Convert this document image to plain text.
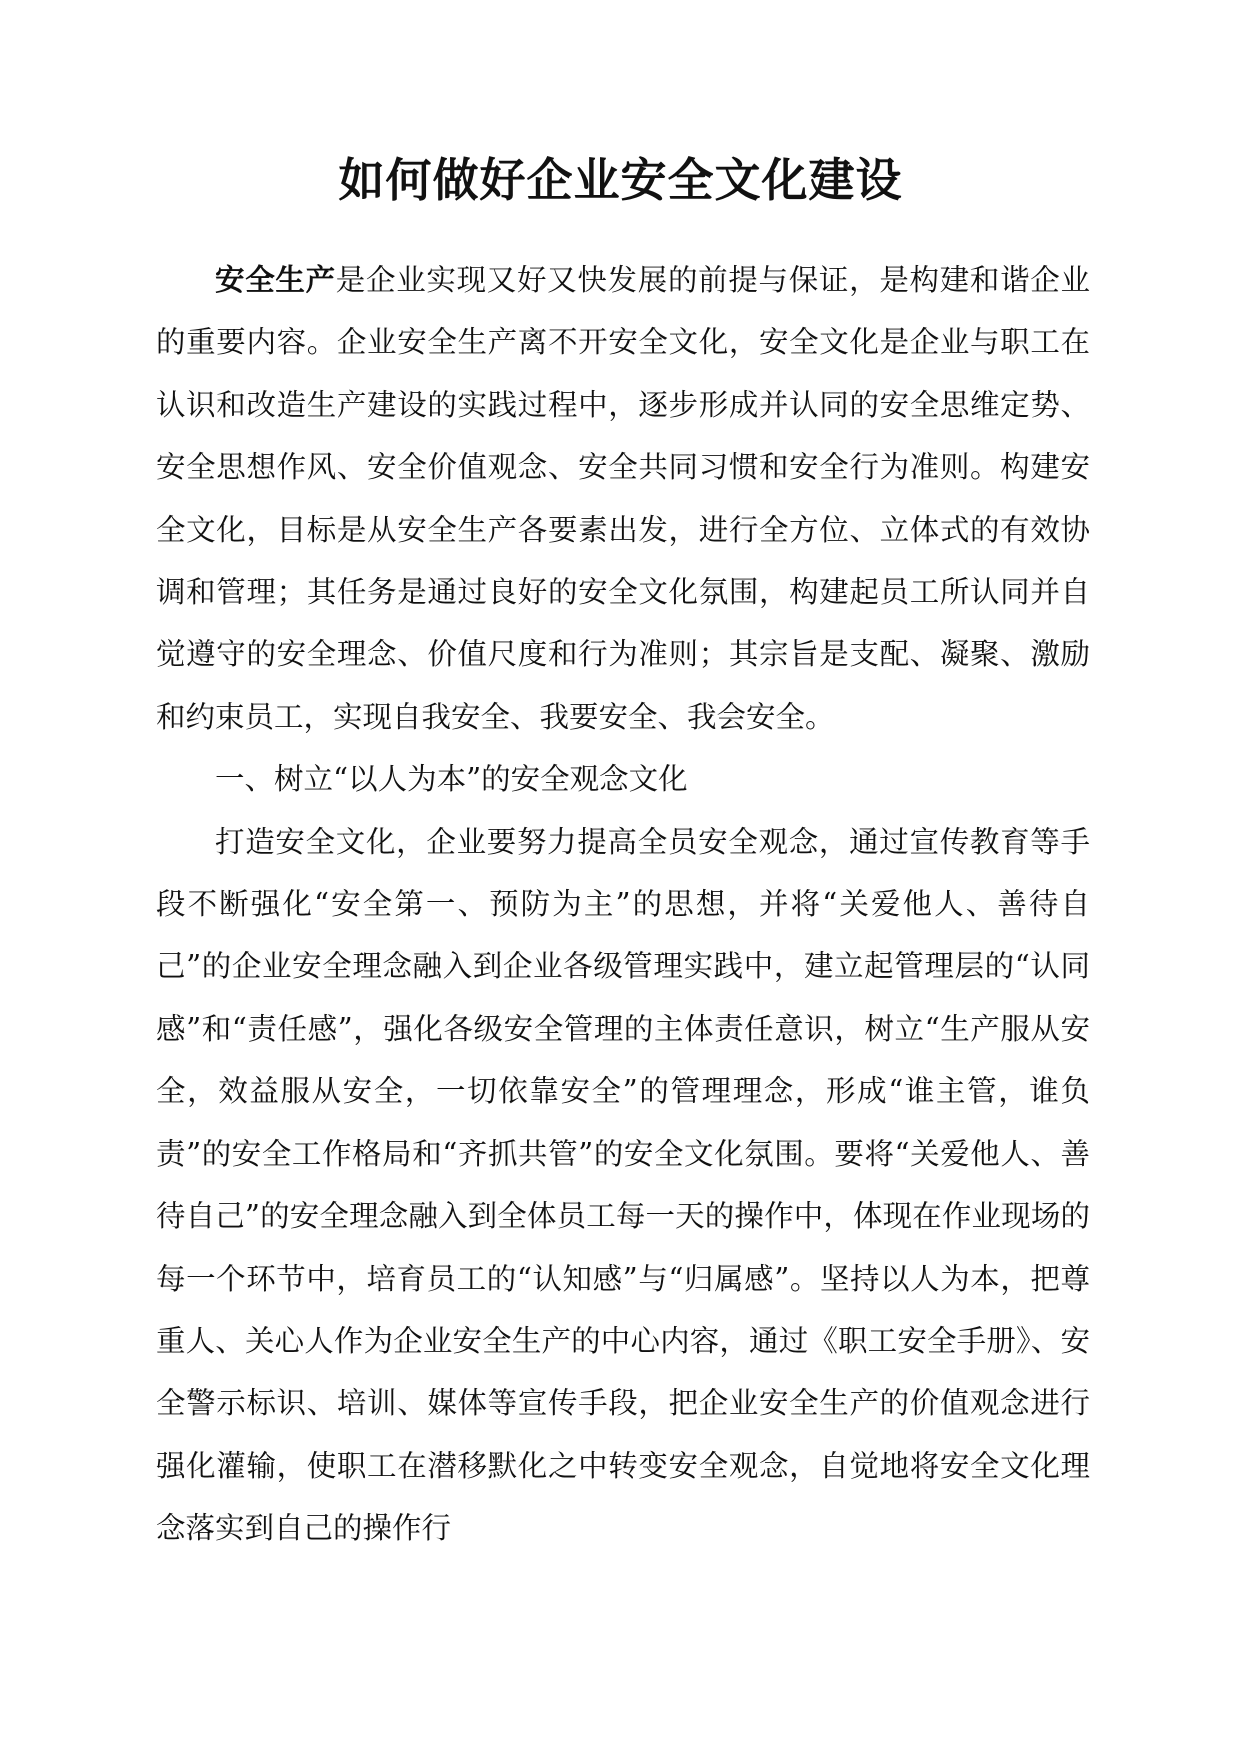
如何做好企业安全文化建设

安全生产是企业实现又好又快发展的前提与保证，是构建和谐企业的重要内容。企业安全生产离不开安全文化，安全文化是企业与职工在认识和改造生产建设的实践过程中，逐步形成并认同的安全思维定势、安全思想作风、安全价值观念、安全共同习惯和安全行为准则。构建安全文化，目标是从安全生产各要素出发，进行全方位、立体式的有效协调和管理；其任务是通过良好的安全文化氛围，构建起员工所认同并自觉遵守的安全理念、价值尺度和行为准则；其宗旨是支配、凝聚、激励和约束员工，实现自我安全、我要安全、我会安全。

一、树立“以人为本”的安全观念文化

打造安全文化，企业要努力提高全员安全观念，通过宣传教育等手段不断强化“安全第一、预防为主”的思想，并将“关爱他人、善待自己”的企业安全理念融入到企业各级管理实践中，建立起管理层的“认同感”和“责任感”，强化各级安全管理的主体责任意识，树立“生产服从安全，效益服从安全，一切依靠安全”的管理理念，形成“谁主管，谁负责”的安全工作格局和“齐抓共管”的安全文化氛围。要将“关爱他人、善待自己”的安全理念融入到全体员工每一天的操作中，体现在作业现场的每一个环节中，培育员工的“认知感”与“归属感”。坚持以人为本，把尊重人、关心人作为企业安全生产的中心内容，通过《职工安全手册》、安全警示标识、培训、媒体等宣传手段，把企业安全生产的价值观念进行强化灌输，使职工在潜移默化之中转变安全观念，自觉地将安全文化理念落实到自己的操作行
